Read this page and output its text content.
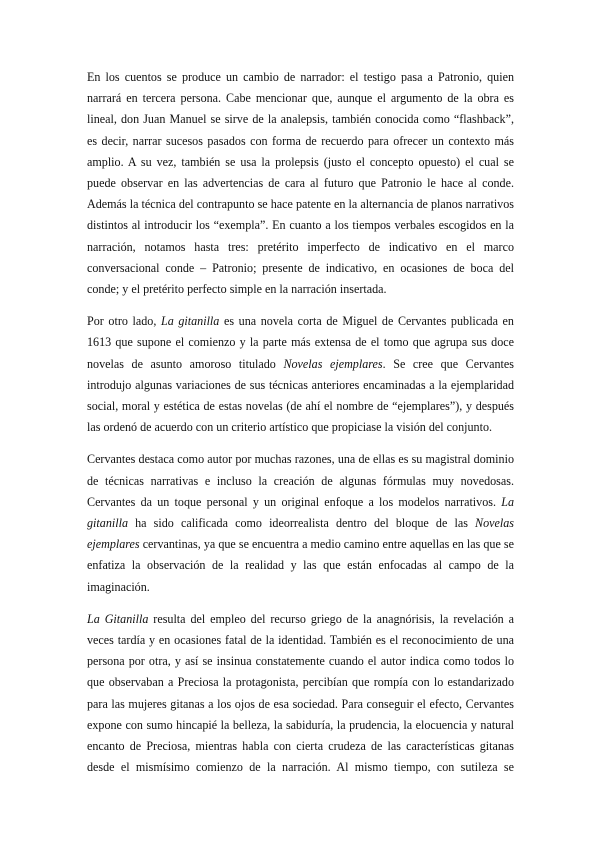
En los cuentos se produce un cambio de narrador: el testigo pasa a Patronio, quien narrará en tercera persona. Cabe mencionar que, aunque el argumento de la obra es lineal, don Juan Manuel se sirve de la analepsis, también conocida como “flashback”, es decir, narrar sucesos pasados con forma de recuerdo para ofrecer un contexto más amplio. A su vez, también se usa la prolepsis (justo el concepto opuesto) el cual se puede observar en las advertencias de cara al futuro que Patronio le hace al conde. Además la técnica del contrapunto se hace patente en la alternancia de planos narrativos distintos al introducir los “exempla”. En cuanto a los tiempos verbales escogidos en la narración, notamos hasta tres: pretérito imperfecto de indicativo en el marco conversacional conde – Patronio; presente de indicativo, en ocasiones de boca del conde; y el pretérito perfecto simple en la narración insertada.

Por otro lado, La gitanilla es una novela corta de Miguel de Cervantes publicada en 1613 que supone el comienzo y la parte más extensa de el tomo que agrupa sus doce novelas de asunto amoroso titulado Novelas ejemplares. Se cree que Cervantes introdujo algunas variaciones de sus técnicas anteriores encaminadas a la ejemplaridad social, moral y estética de estas novelas (de ahí el nombre de “ejemplares”), y después las ordenó de acuerdo con un criterio artístico que propiciase la visión del conjunto.

Cervantes destaca como autor por muchas razones, una de ellas es su magistral dominio de técnicas narrativas e incluso la creación de algunas fórmulas muy novedosas. Cervantes da un toque personal y un original enfoque a los modelos narrativos. La gitanilla ha sido calificada como ideorrealista dentro del bloque de las Novelas ejemplares cervantinas, ya que se encuentra a medio camino entre aquellas en las que se enfatiza la observación de la realidad y las que están enfocadas al campo de la imaginación.

La Gitanilla resulta del empleo del recurso griego de la anagnórisis, la revelación a veces tardía y en ocasiones fatal de la identidad. También es el reconocimiento de una persona por otra, y así se insinua constatemente cuando el autor indica como todos lo que observaban a Preciosa la protagonista, percibían que rompía con lo estandarizado para las mujeres gitanas a los ojos de esa sociedad. Para conseguir el efecto, Cervantes expone con sumo hincapié la belleza, la sabiduría, la prudencia, la elocuencia y natural encanto de Preciosa, mientras habla con cierta crudeza de las características gitanas desde el mismísimo comienzo de la narración. Al mismo tiempo, con sutileza se
